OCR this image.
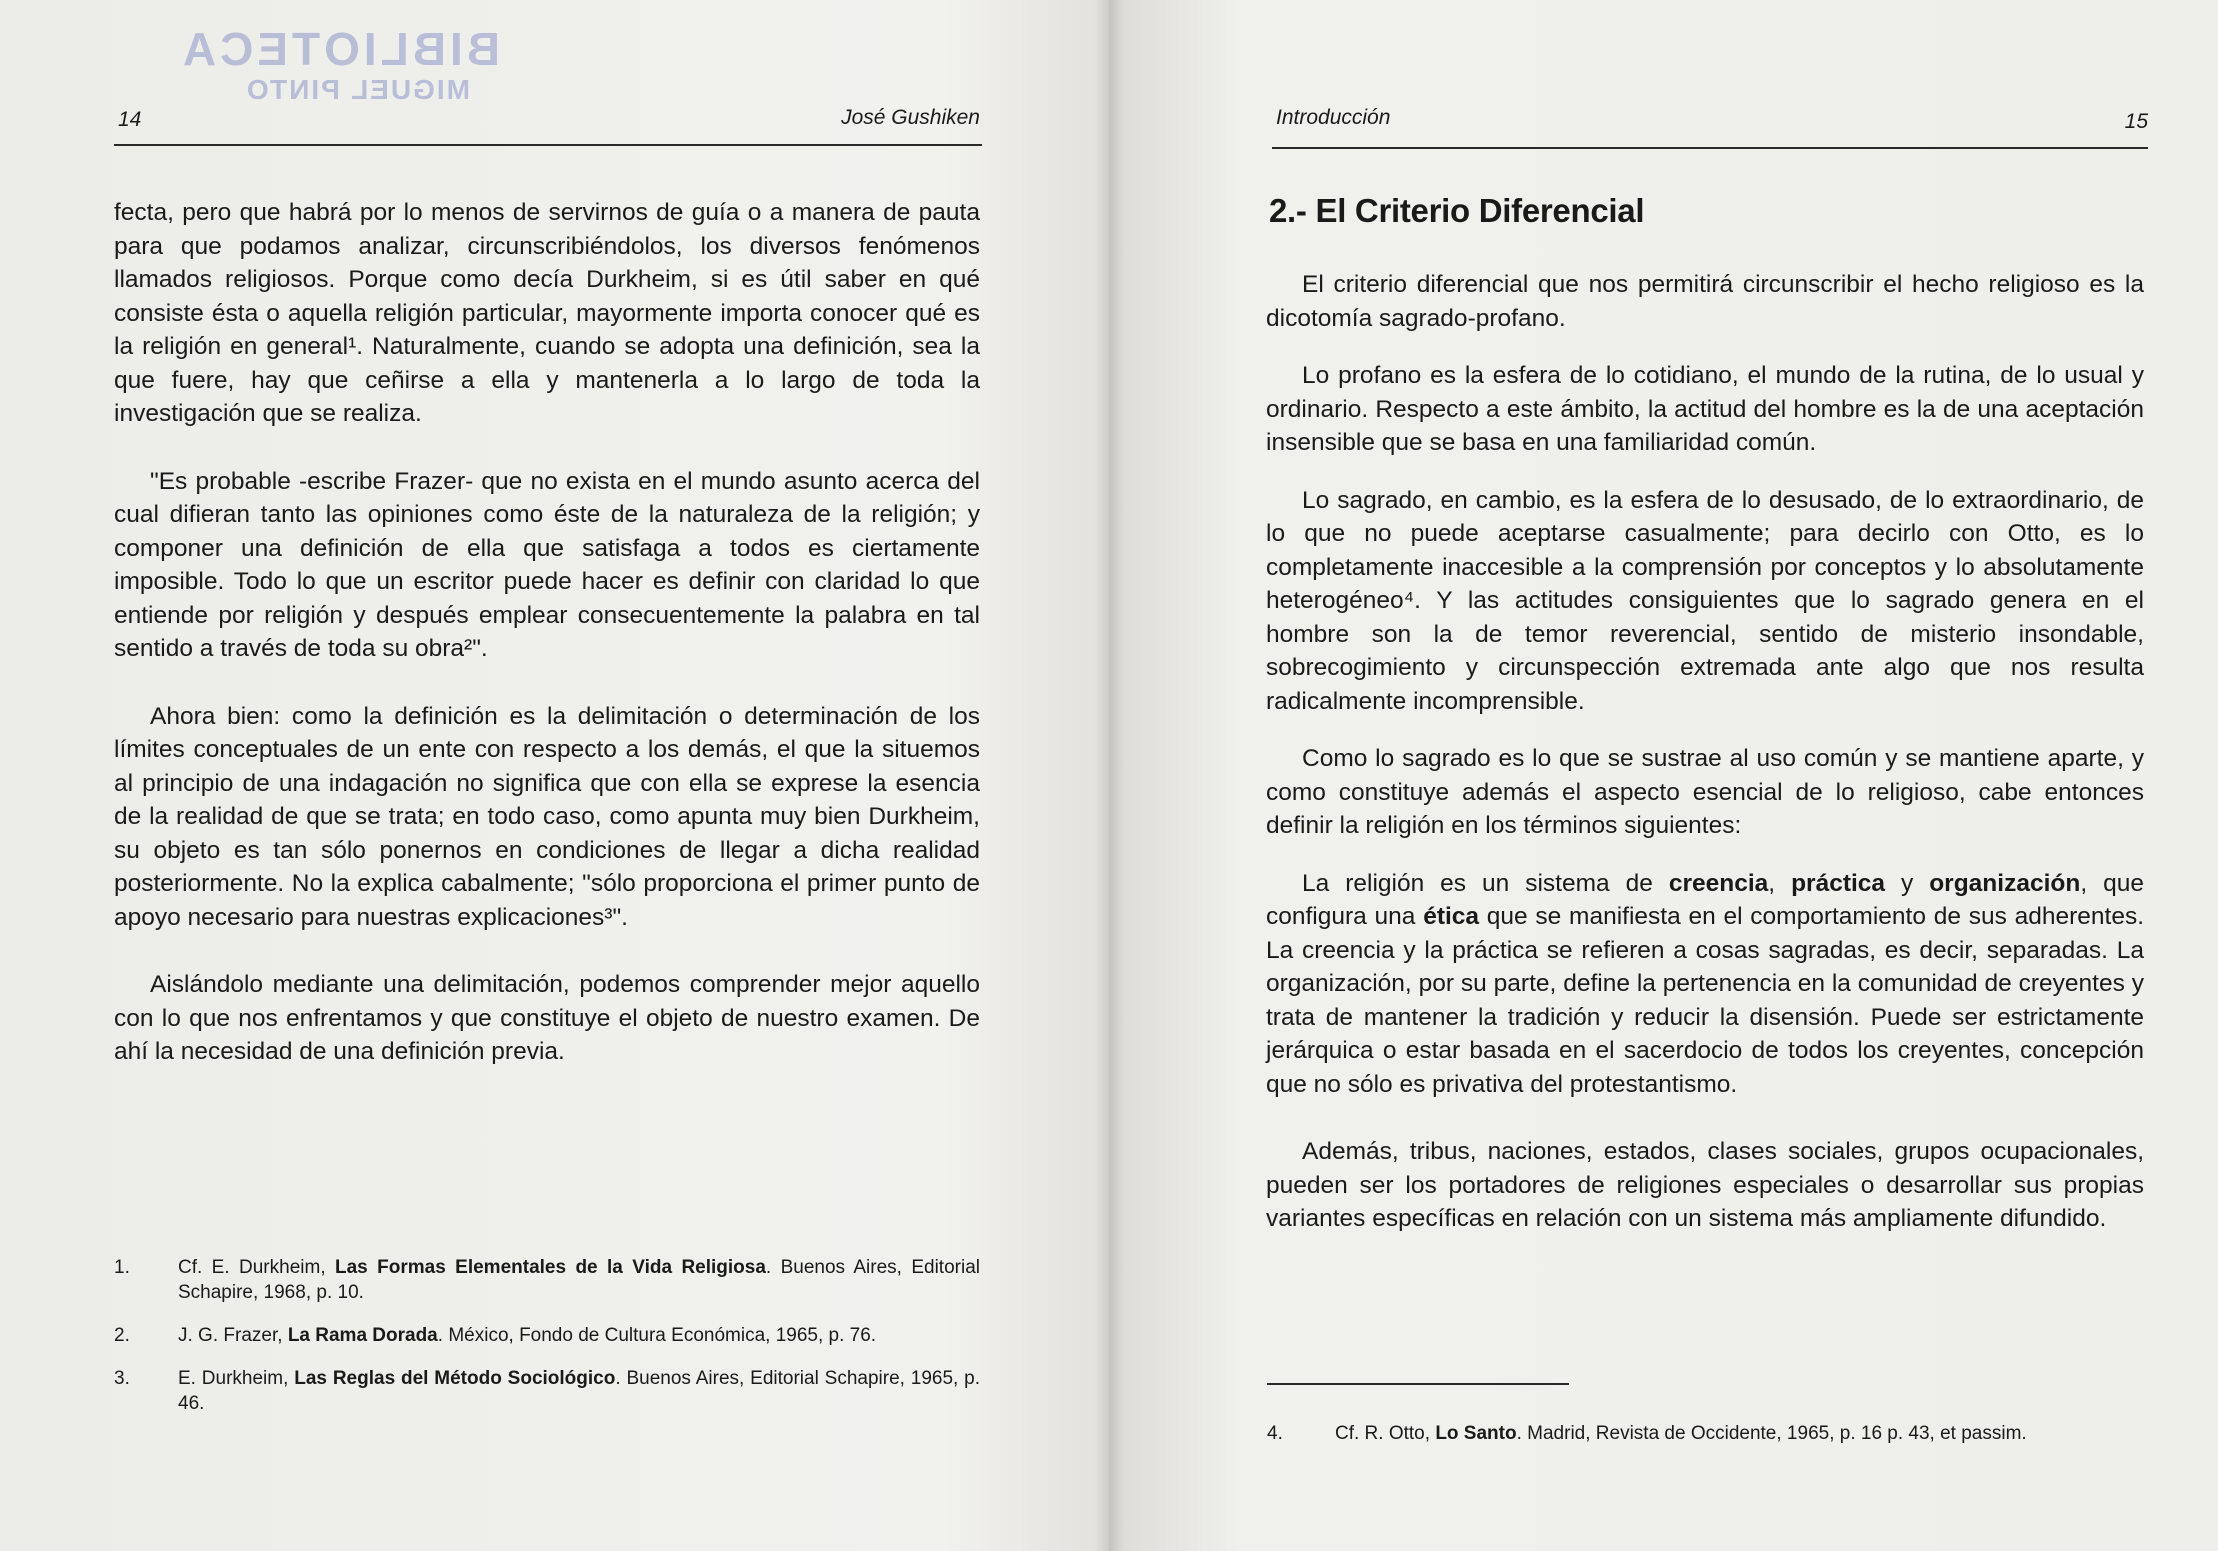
BIBLIOTECA
MIGUEL PINTO
14	José Gushiken

fecta, pero que habrá por lo menos de servirnos de guía o a manera de pauta para que podamos analizar, circunscribiéndolos, los diversos fenómenos llamados religiosos. Porque como decía Durkheim, si es útil saber en qué consiste ésta o aquella religión particular, mayormente importa conocer qué es la religión en general¹. Naturalmente, cuando se adopta una definición, sea la que fuere, hay que ceñirse a ella y mantenerla a lo largo de toda la investigación que se realiza.

"Es probable -escribe Frazer- que no exista en el mundo asunto acerca del cual difieran tanto las opiniones como éste de la naturaleza de la religión; y componer una definición de ella que satisfaga a todos es ciertamente imposible. Todo lo que un escritor puede hacer es definir con claridad lo que entiende por religión y después emplear consecuentemente la palabra en tal sentido a través de toda su obra²".

Ahora bien: como la definición es la delimitación o determinación de los límites conceptuales de un ente con respecto a los demás, el que la situemos al principio de una indagación no significa que con ella se exprese la esencia de la realidad de que se trata; en todo caso, como apunta muy bien Durkheim, su objeto es tan sólo ponernos en condiciones de llegar a dicha realidad posteriormente. No la explica cabalmente; "sólo proporciona el primer punto de apoyo necesario para nuestras explicaciones³".

Aislándolo mediante una delimitación, podemos comprender mejor aquello con lo que nos enfrentamos y que constituye el objeto de nuestro examen. De ahí la necesidad de una definición previa.

1.	Cf. E. Durkheim, Las Formas Elementales de la Vida Religiosa. Buenos Aires, Editorial Schapire, 1968, p. 10.
2.	J. G. Frazer, La Rama Dorada. México, Fondo de Cultura Económica, 1965, p. 76.
3.	E. Durkheim, Las Reglas del Método Sociológico. Buenos Aires, Editorial Schapire, 1965, p. 46.
Introducción	15
2.- El Criterio Diferencial

El criterio diferencial que nos permitirá circunscribir el hecho religioso es la dicotomía sagrado-profano.

Lo profano es la esfera de lo cotidiano, el mundo de la rutina, de lo usual y ordinario. Respecto a este ámbito, la actitud del hombre es la de una aceptación insensible que se basa en una familiaridad común.

Lo sagrado, en cambio, es la esfera de lo desusado, de lo extraordinario, de lo que no puede aceptarse casualmente; para decirlo con Otto, es lo completamente inaccesible a la comprensión por conceptos y lo absolutamente heterogéneo⁴. Y las actitudes consiguientes que lo sagrado genera en el hombre son la de temor reverencial, sentido de misterio insondable, sobrecogimiento y circunspección extremada ante algo que nos resulta radicalmente incomprensible.

Como lo sagrado es lo que se sustrae al uso común y se mantiene aparte, y como constituye además el aspecto esencial de lo religioso, cabe entonces definir la religión en los términos siguientes:

La religión es un sistema de creencia, práctica y organización, que configura una ética que se manifiesta en el comportamiento de sus adherentes. La creencia y la práctica se refieren a cosas sagradas, es decir, separadas. La organización, por su parte, define la pertenencia en la comunidad de creyentes y trata de mantener la tradición y reducir la disensión. Puede ser estrictamente jerárquica o estar basada en el sacerdocio de todos los creyentes, concepción que no sólo es privativa del protestantismo.

Además, tribus, naciones, estados, clases sociales, grupos ocupacionales, pueden ser los portadores de religiones especiales o desarrollar sus propias variantes específicas en relación con un sistema más ampliamente difundido.

4.	Cf. R. Otto, Lo Santo. Madrid, Revista de Occidente, 1965, p. 16 p. 43, et passim.
